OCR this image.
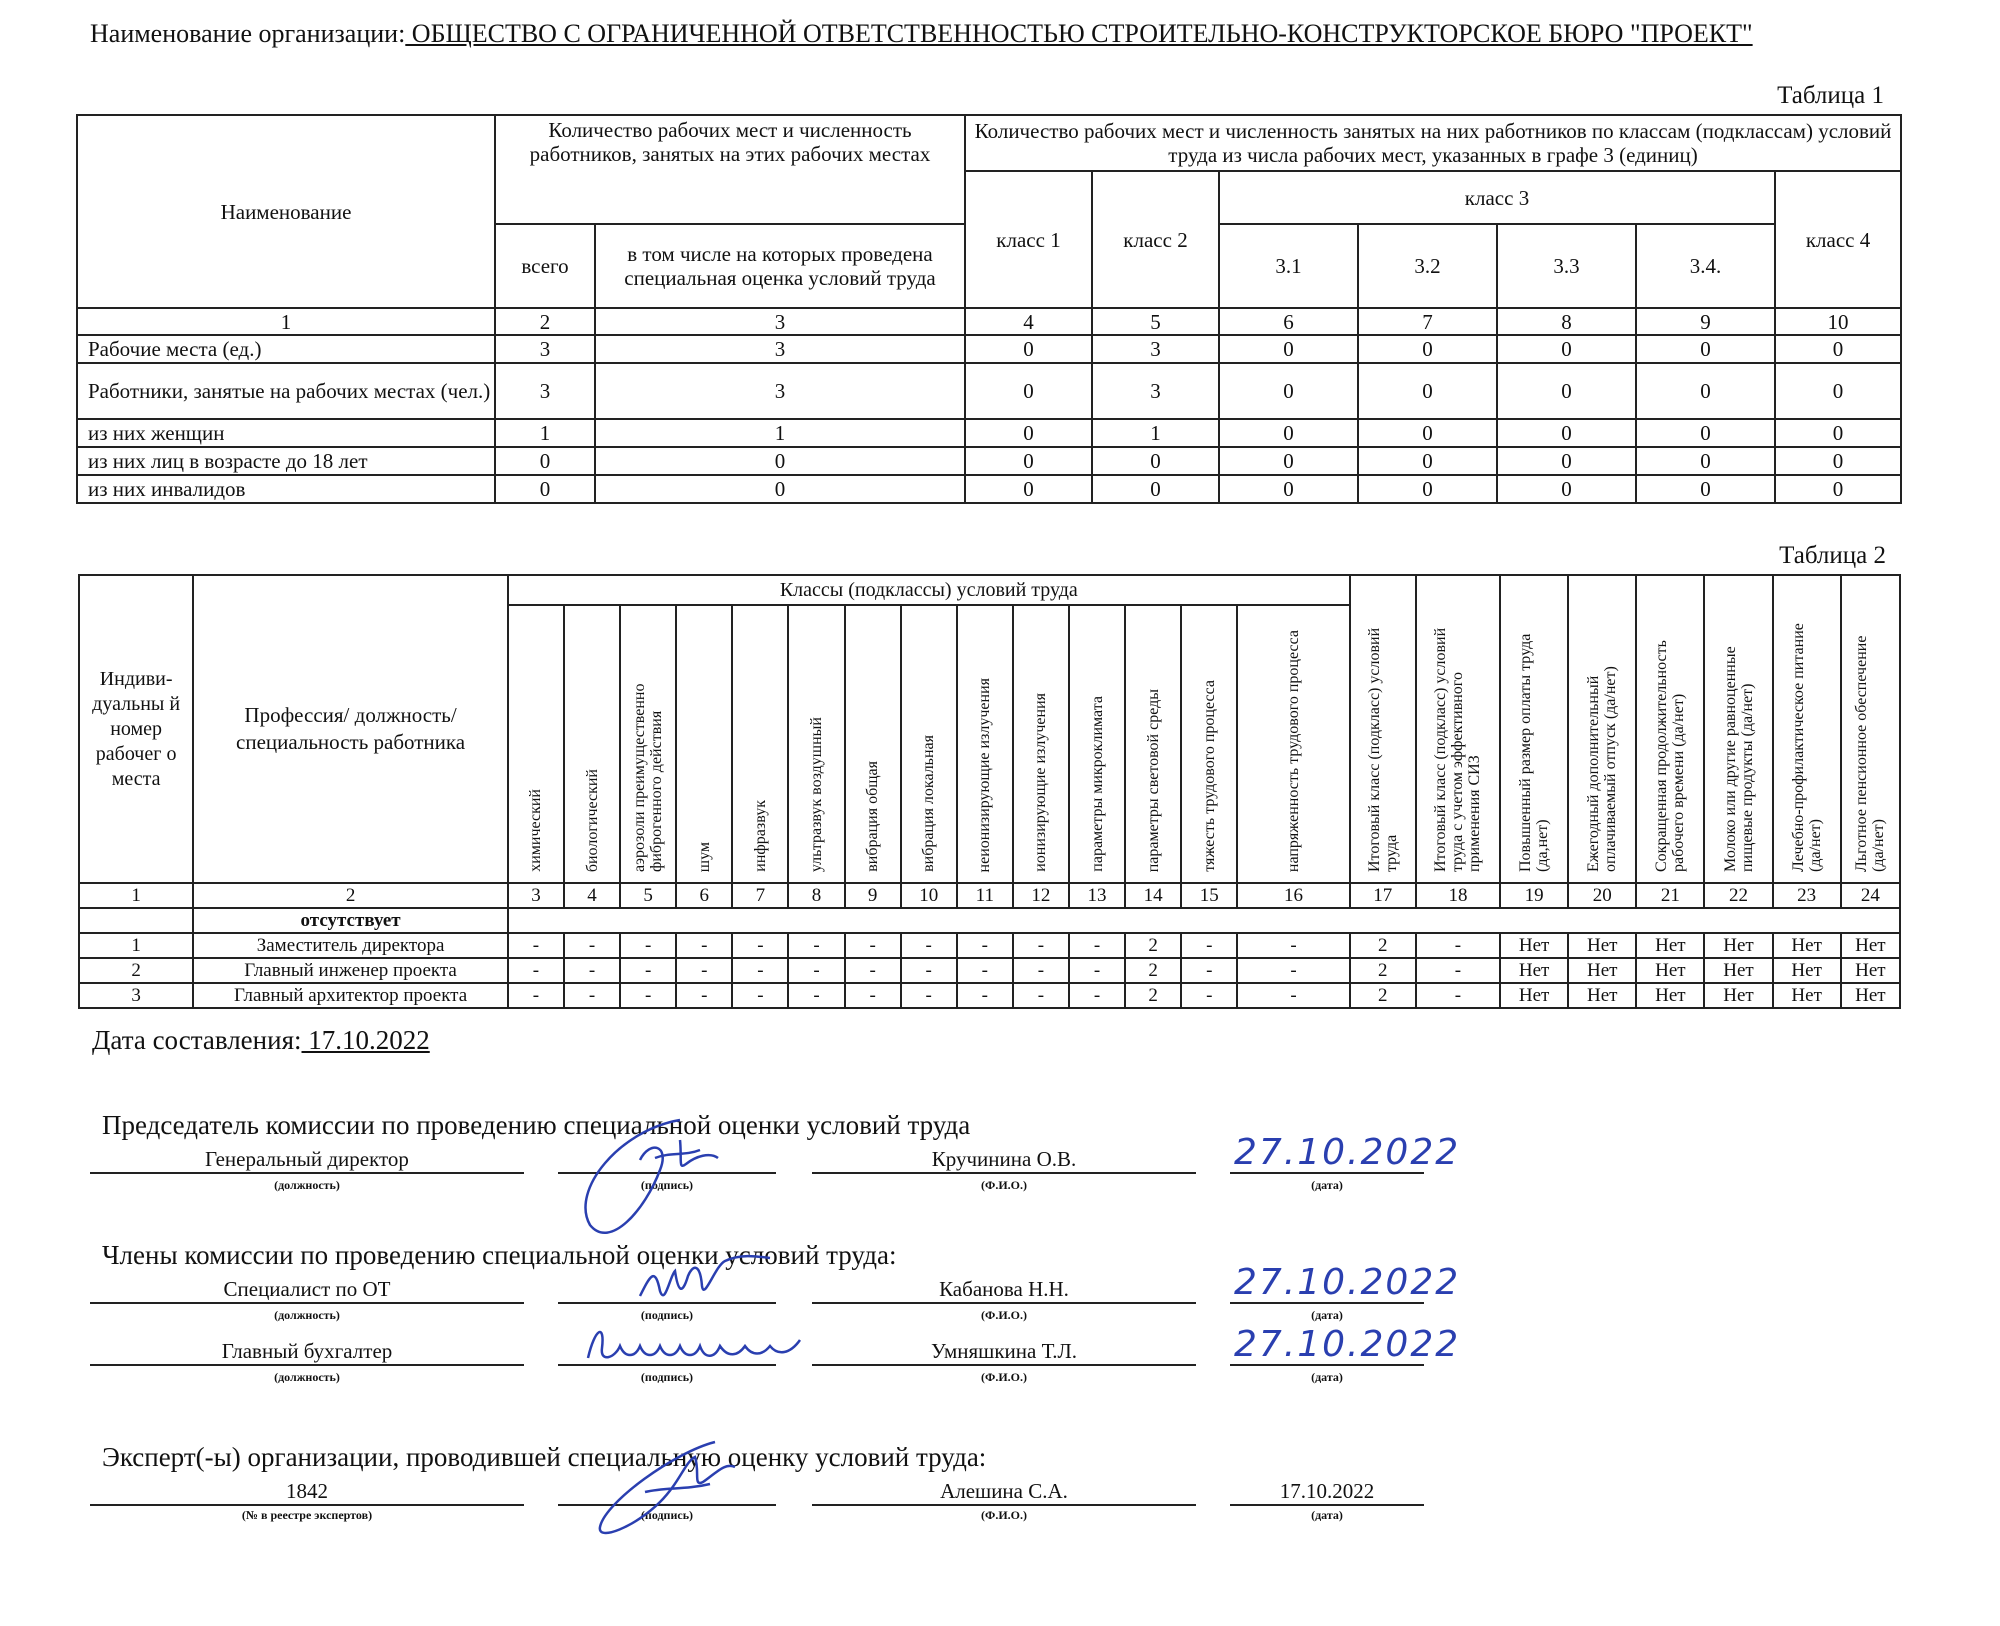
Наименование организации: ОБЩЕСТВО С ОГРАНИЧЕННОЙ ОТВЕТСТВЕННОСТЬЮ СТРОИТЕЛЬНО-КОНСТРУКТОРСКОЕ БЮРО "ПРОЕКТ"
Таблица 1
Наименование	Количество рабочих мест и численность работников, занятых на этих рабочих местах		Количество рабочих мест и численность занятых на них работников по классам (подклассам) условий труда из числа рабочих мест, указанных в графе 3 (единиц)						
			класс 1	класс 2	класс 3				класс 4
	всего	в том числе на которых проведена специальная оценка условий труда			3.1	3.2	3.3	3.4.	
1	2	3	4	5	6	7	8	9	10
Рабочие места (ед.)	3	3	0	3	0	0	0	0	0
Работники, занятые на рабочих местах (чел.)	3	3	0	3	0	0	0	0	0
из них женщин	1	1	0	1	0	0	0	0	0
из них лиц в возрасте до 18 лет	0	0	0	0	0	0	0	0	0
из них инвалидов	0	0	0	0	0	0	0	0	0
Таблица 2
Индиви-дуальны й номер рабочег о места	Профессия/ должность/ специальность работника	Классы (подклассы) условий труда														Итоговый класс (подкласс) условий труда	Итоговый класс (подкласс) условий труда с учетом эффективного применения СИЗ	Повышенный размер оплаты труда (да,нет)	Ежегодный дополнительный оплачиваемый отпуск (да/нет)	Сокращенная продолжительность рабочего времени (да/нет)	Молоко или другие равноценные пищевые продукты (да/нет)	Лечебно-профилактическое питание (да/нет)	Льготное пенсионное обеспечение (да/нет)
		химический	биологический	аэрозоли преимущественно фиброгенного действия	шум	инфразвук	ультразвук воздушный	вибрация общая	вибрация локальная	неионизирующие излучения	ионизирующие излучения	параметры микроклимата	параметры световой среды	тяжесть трудового процесса	напряженность трудового процесса								
1	2	3	4	5	6	7	8	9	10	11	12	13	14	15	16	17	18	19	20	21	22	23	24
	отсутствует																						
1	Заместитель директора	-	-	-	-	-	-	-	-	-	-	-	2	-	-	2	-	Нет	Нет	Нет	Нет	Нет	Нет
2	Главный инженер проекта	-	-	-	-	-	-	-	-	-	-	-	2	-	-	2	-	Нет	Нет	Нет	Нет	Нет	Нет
3	Главный архитектор проекта	-	-	-	-	-	-	-	-	-	-	-	2	-	-	2	-	Нет	Нет	Нет	Нет	Нет	Нет
Дата составления: 17.10.2022
Председатель комиссии по проведению специальной оценки условий труда
Генеральный директор	Кручинина О.В.	27.10.2022
(должность)	(подпись)	(Ф.И.О.)	(дата)
Члены комиссии по проведению специальной оценки условий труда:
Специалист по ОТ	Кабанова Н.Н.	27.10.2022
(должность)	(подпись)	(Ф.И.О.)	(дата)
Главный бухгалтер	Умняшкина Т.Л.	27.10.2022
(должность)	(подпись)	(Ф.И.О.)	(дата)
Эксперт(-ы) организации, проводившей специальную оценку условий труда:
1842	Алешина С.А.	17.10.2022
(№ в реестре экспертов)	(подпись)	(Ф.И.О.)	(дата)
